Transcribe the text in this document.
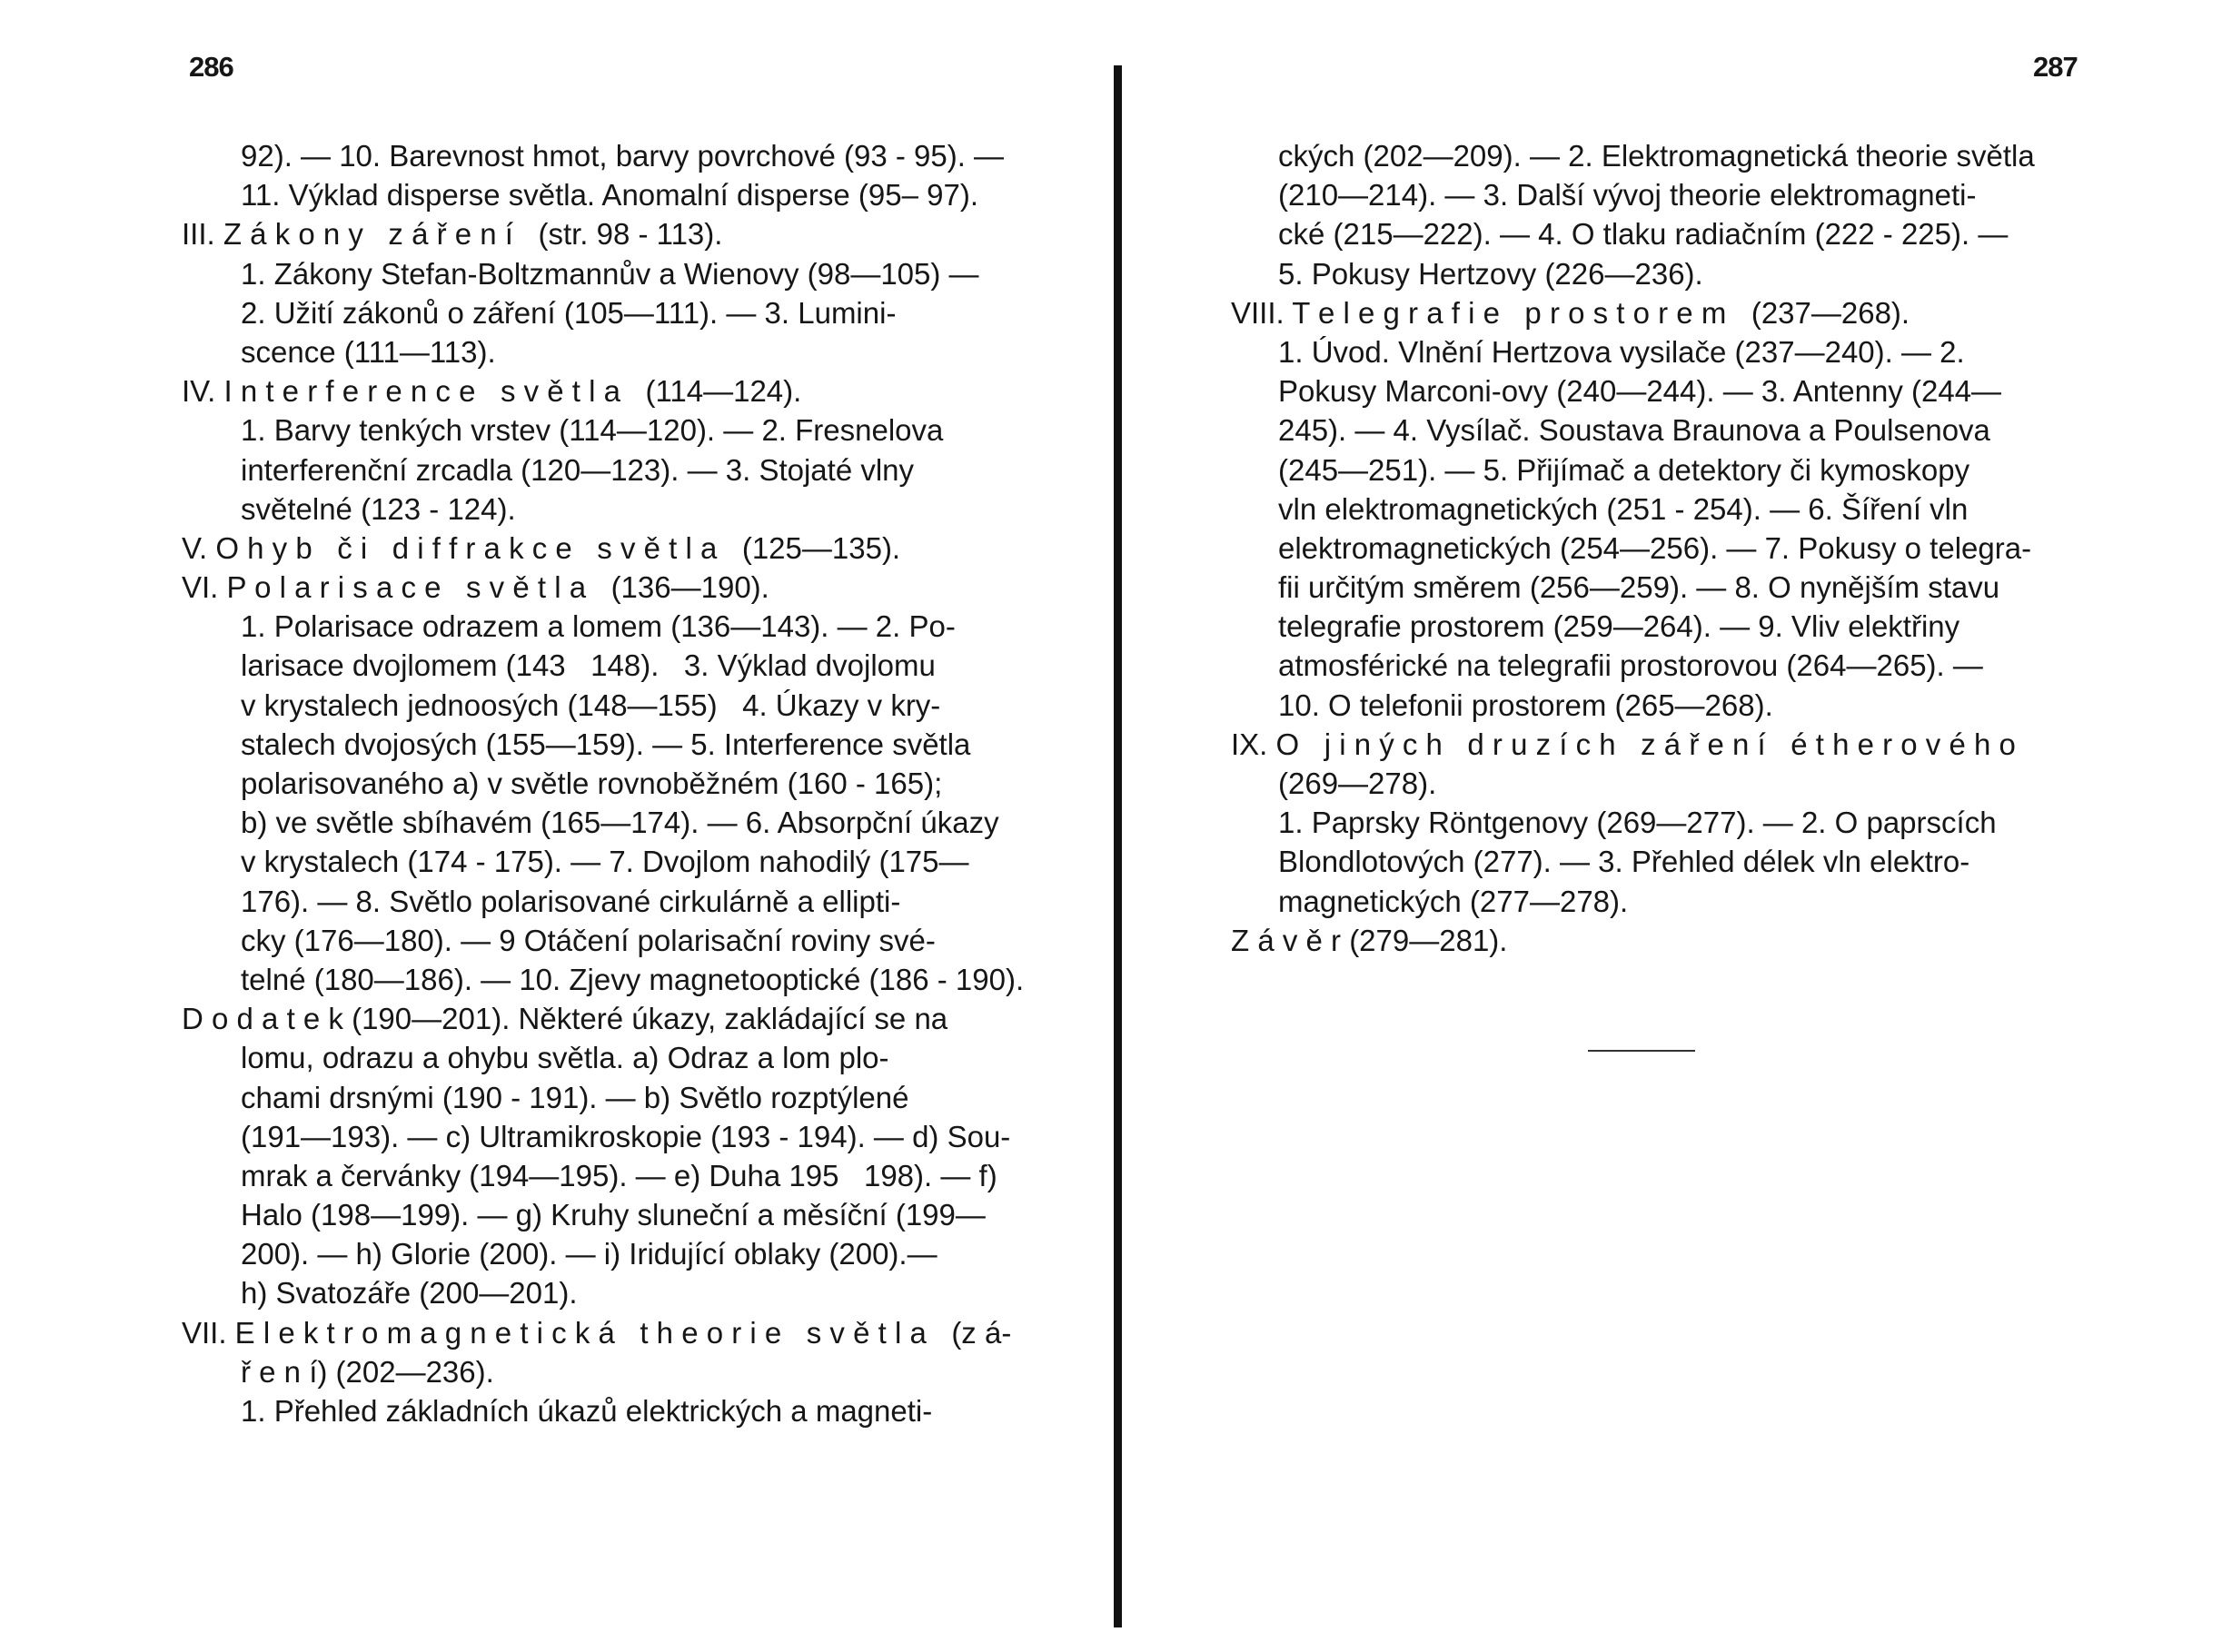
286
92). — 10. Barevnost hmot, barvy povrchové (93 - 95). —
11. Výklad disperse světla. Anomalní disperse (95– 97).
III. Z á k o n y   z á ř e n í   (str. 98 - 113).
1. Zákony Stefan-Boltzmannův a Wienovy (98—105) —
2. Užití zákonů o záření (105—111). — 3. Lumini-
scence (111—113).
IV. I n t e r f e r e n c e   s v ě t l a   (114—124).
1. Barvy tenkých vrstev (114—120). — 2. Fresnelova
interferenční zrcadla (120—123). — 3. Stojaté vlny
světelné (123 - 124).
V. O h y b   č i   d i f f r a k c e   s v ě t l a   (125—135).
VI. P o l a r i s a c e   s v ě t l a   (136—190).
1. Polarisace odrazem a lomem (136—143). — 2. Po-
larisace dvojlomem (143   148).   3. Výklad dvojlomu
v krystalech jednoosých (148—155)   4. Úkazy v kry-
stalech dvojosých (155—159). — 5. Interference světla
polarisovaného a) v světle rovnoběžném (160 - 165);
b) ve světle sbíhavém (165—174). — 6. Absorpční úkazy
v krystalech (174 - 175). — 7. Dvojlom nahodilý (175—
176). — 8. Světlo polarisované cirkulárně a ellipti-
cky (176—180). — 9 Otáčení polarisační roviny své-
telné (180—186). — 10. Zjevy magnetooptické (186 - 190).
D o d a t e k (190—201). Některé úkazy, zakládající se na
lomu, odrazu a ohybu světla. a) Odraz a lom plo-
chami drsnými (190 - 191). — b) Světlo rozptýlené
(191—193). — c) Ultramikroskopie (193 - 194). — d) Sou-
mrak a červánky (194—195). — e) Duha 195   198). — f)
Halo (198—199). — g) Kruhy sluneční a měsíční (199—
200). — h) Glorie (200). — i) Iridující oblaky (200).—
h) Svatozáře (200—201).
VII. E l e k t r o m a g n e t i c k á   t h e o r i e   s v ě t l a   (z á-
ř e n í) (202—236).
1. Přehled základních úkazů elektrických a magneti-
287
ckých (202—209). — 2. Elektromagnetická theorie světla
(210—214). — 3. Další vývoj theorie elektromagneti-
cké (215—222). — 4. O tlaku radiačním (222 - 225). —
5. Pokusy Hertzovy (226—236).
VIII. T e l e g r a f i e   p r o s t o r e m   (237—268).
1. Úvod. Vlnění Hertzova vysilače (237—240). — 2.
Pokusy Marconi-ovy (240—244). — 3. Antenny (244—
245). — 4. Vysílač. Soustava Braunova a Poulsenova
(245—251). — 5. Přijímač a detektory či kymoskopy
vln elektromagnetických (251 - 254). — 6. Šíření vln
elektromagnetických (254—256). — 7. Pokusy o telegra-
fii určitým směrem (256—259). — 8. O nynějším stavu
telegrafie prostorem (259—264). — 9. Vliv elektřiny
atmosférické na telegrafii prostorovou (264—265). —
10. O telefonii prostorem (265—268).
IX. O   j i n ý c h   d r u z í c h   z á ř e n í   é t h e r o v é h o
(269—278).
1. Paprsky Röntgenovy (269—277). — 2. O paprscích
Blondlotových (277). — 3. Přehled délek vln elektro-
magnetických (277—278).
Z á v ě r (279—281).
